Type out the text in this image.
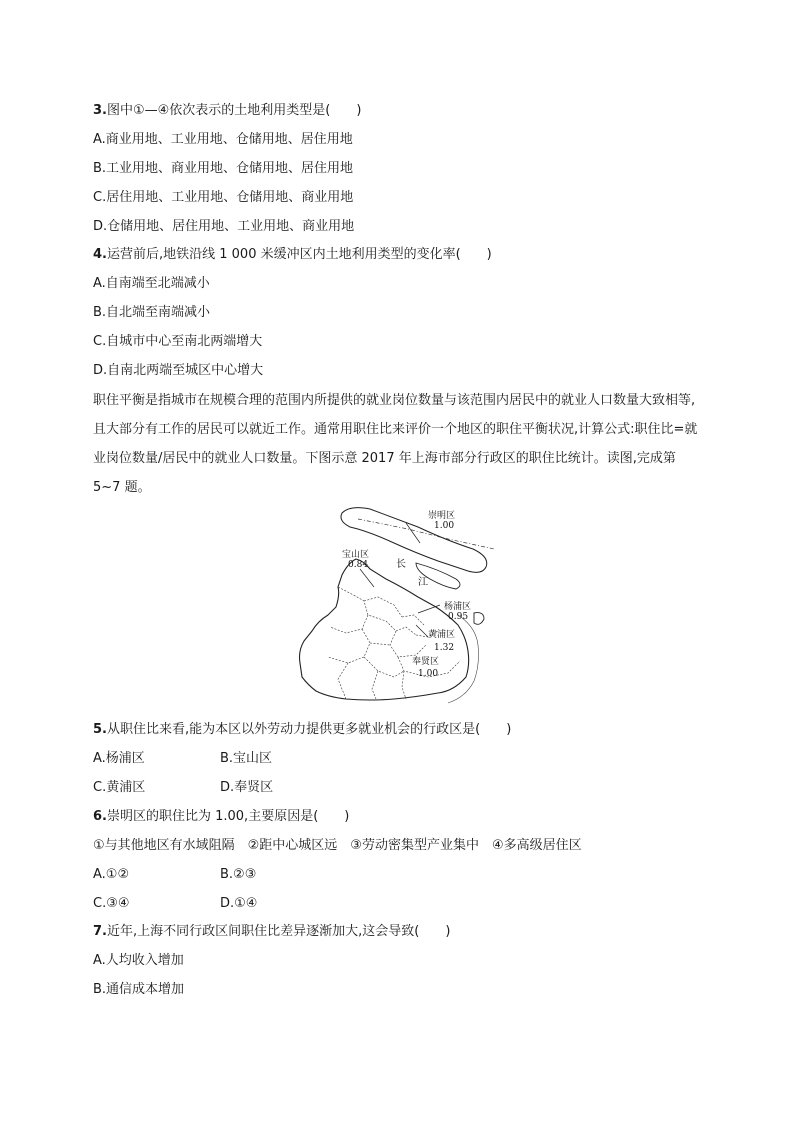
3.图中①—④依次表示的土地利用类型是(　　)
A.商业用地、工业用地、仓储用地、居住用地
B.工业用地、商业用地、仓储用地、居住用地
C.居住用地、工业用地、仓储用地、商业用地
D.仓储用地、居住用地、工业用地、商业用地
4.运营前后,地铁沿线 1 000 米缓冲区内土地利用类型的变化率(　　)
A.自南端至北端减小
B.自北端至南端减小
C.自城市中心至南北两端增大
D.自南北两端至城区中心增大
职住平衡是指城市在规模合理的范围内所提供的就业岗位数量与该范围内居民中的就业人口数量大致相等,且大部分有工作的居民可以就近工作。通常用职住比来评价一个地区的职住平衡状况,计算公式:职住比=就业岗位数量/居民中的就业人口数量。下图示意 2017 年上海市部分行政区的职住比统计。读图,完成第 5~7 题。
崇明区
1.00
宝山区
0.84	长
江
杨浦区
0.95
黄浦区
1.32
奉贤区
1.00
5.从职住比来看,能为本区以外劳动力提供更多就业机会的行政区是(　　)
A.杨浦区	B.宝山区
C.黄浦区	D.奉贤区
6.崇明区的职住比为 1.00,主要原因是(　　)
①与其他地区有水域阻隔　②距中心城区远　③劳动密集型产业集中　④多高级居住区
A.①②	B.②③
C.③④	D.①④
7.近年,上海不同行政区间职住比差异逐渐加大,这会导致(　　)
A.人均收入增加
B.通信成本增加
